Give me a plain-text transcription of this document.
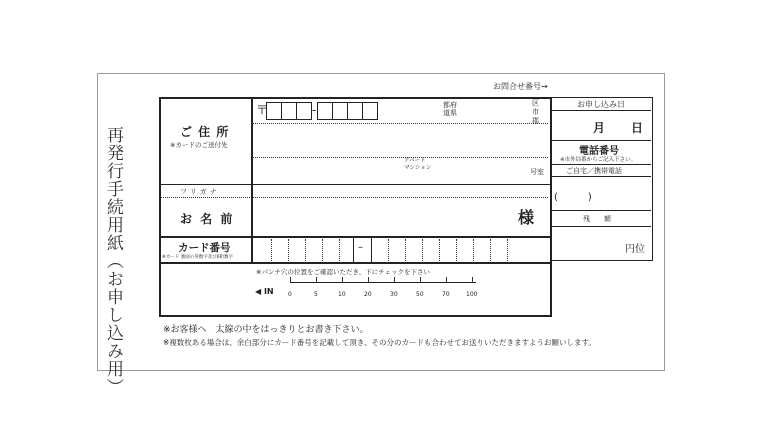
再発行手続用紙（お申し込み用）
お問合せ番号→
ご 住 所
※カードのご送付先
〒	-	都府
道県
区
市
郡
アパート
マンション	号室
フリガナ
お 名 前	様
カード番号
※カード 裏面の英数字及び6桁数字
–
※パンチ穴の位置をご確認いただき、下にチェックを下さい
◀ IN 0	5	10	20	30	50	70	100
お申し込み日
月 日
電話番号
※市外局番からご記入下さい。
ご自宅／携帯電話
(　　　)
残　　額
円位
※お客様へ　太線の中をはっきりとお書き下さい。
※複数枚ある場合は、余白部分にカード番号を記載して頂き、その分のカードも合わせてお送りいただきますようお願いします。
